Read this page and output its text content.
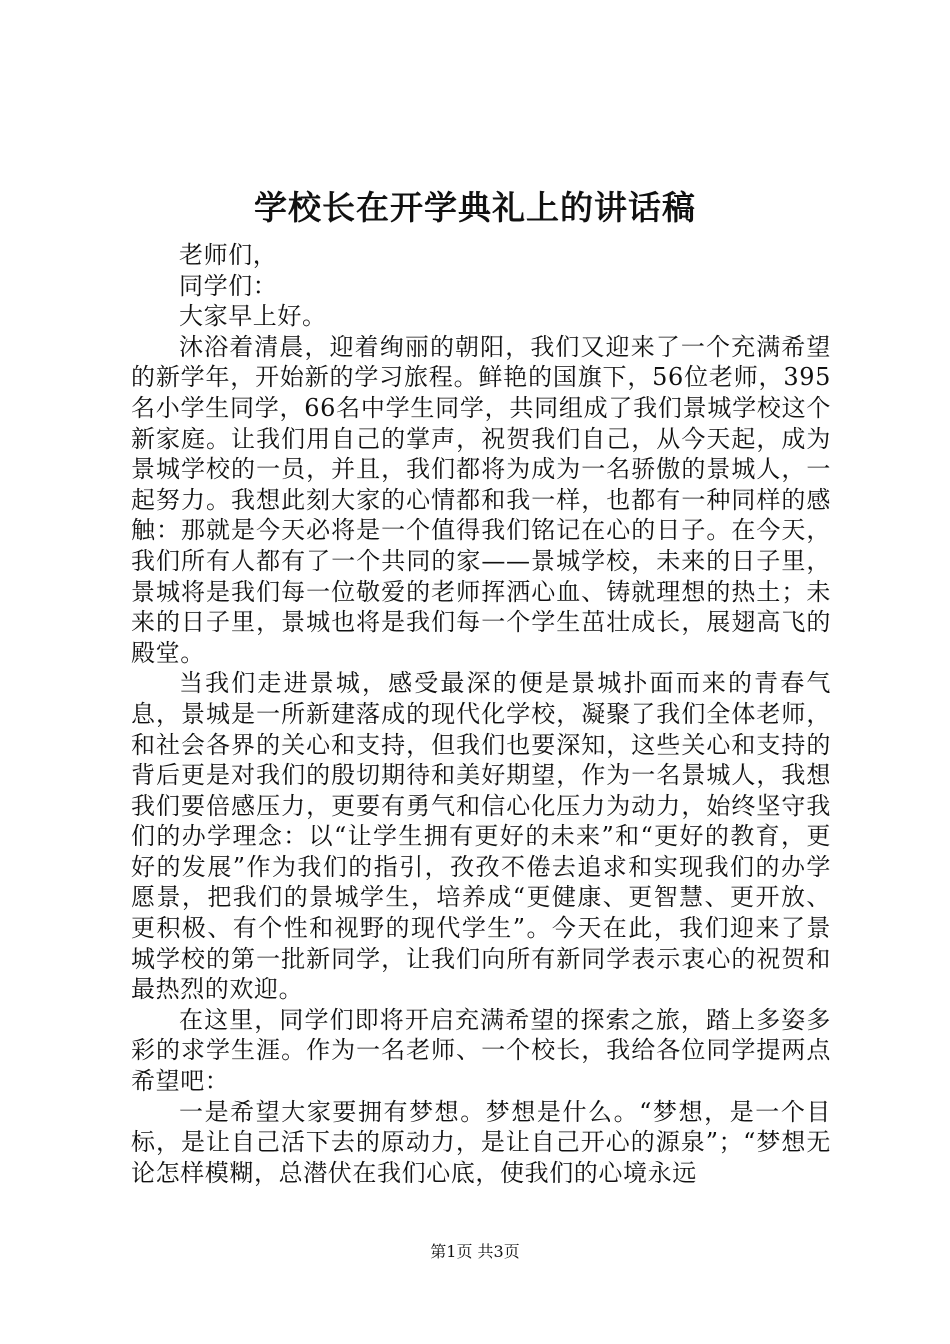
学校长在开学典礼上的讲话稿

老师们，

同学们：

大家早上好。

沐浴着清晨，迎着绚丽的朝阳，我们又迎来了一个充满希望的新学年，开始新的学习旅程。鲜艳的国旗下，56位老师，395名小学生同学，66名中学生同学，共同组成了我们景城学校这个新家庭。让我们用自己的掌声，祝贺我们自己，从今天起，成为景城学校的一员，并且，我们都将为成为一名骄傲的景城人，一起努力。我想此刻大家的心情都和我一样，也都有一种同样的感触：那就是今天必将是一个值得我们铭记在心的日子。在今天，我们所有人都有了一个共同的家——景城学校，未来的日子里，景城将是我们每一位敬爱的老师挥洒心血、铸就理想的热土；未来的日子里，景城也将是我们每一个学生茁壮成长，展翅高飞的殿堂。

当我们走进景城，感受最深的便是景城扑面而来的青春气息，景城是一所新建落成的现代化学校，凝聚了我们全体老师，和社会各界的关心和支持，但我们也要深知，这些关心和支持的背后更是对我们的殷切期待和美好期望，作为一名景城人，我想我们要倍感压力，更要有勇气和信心化压力为动力，始终坚守我们的办学理念：以“让学生拥有更好的未来”和“更好的教育，更好的发展”作为我们的指引，孜孜不倦去追求和实现我们的办学愿景，把我们的景城学生，培养成“更健康、更智慧、更开放、更积极、有个性和视野的现代学生”。今天在此，我们迎来了景城学校的第一批新同学，让我们向所有新同学表示衷心的祝贺和最热烈的欢迎。

在这里，同学们即将开启充满希望的探索之旅，踏上多姿多彩的求学生涯。作为一名老师、一个校长，我给各位同学提两点希望吧：

一是希望大家要拥有梦想。梦想是什么。“梦想，是一个目标，是让自己活下去的原动力，是让自己开心的源泉”；“梦想无论怎样模糊，总潜伏在我们心底，使我们的心境永远

第1页 共3页
